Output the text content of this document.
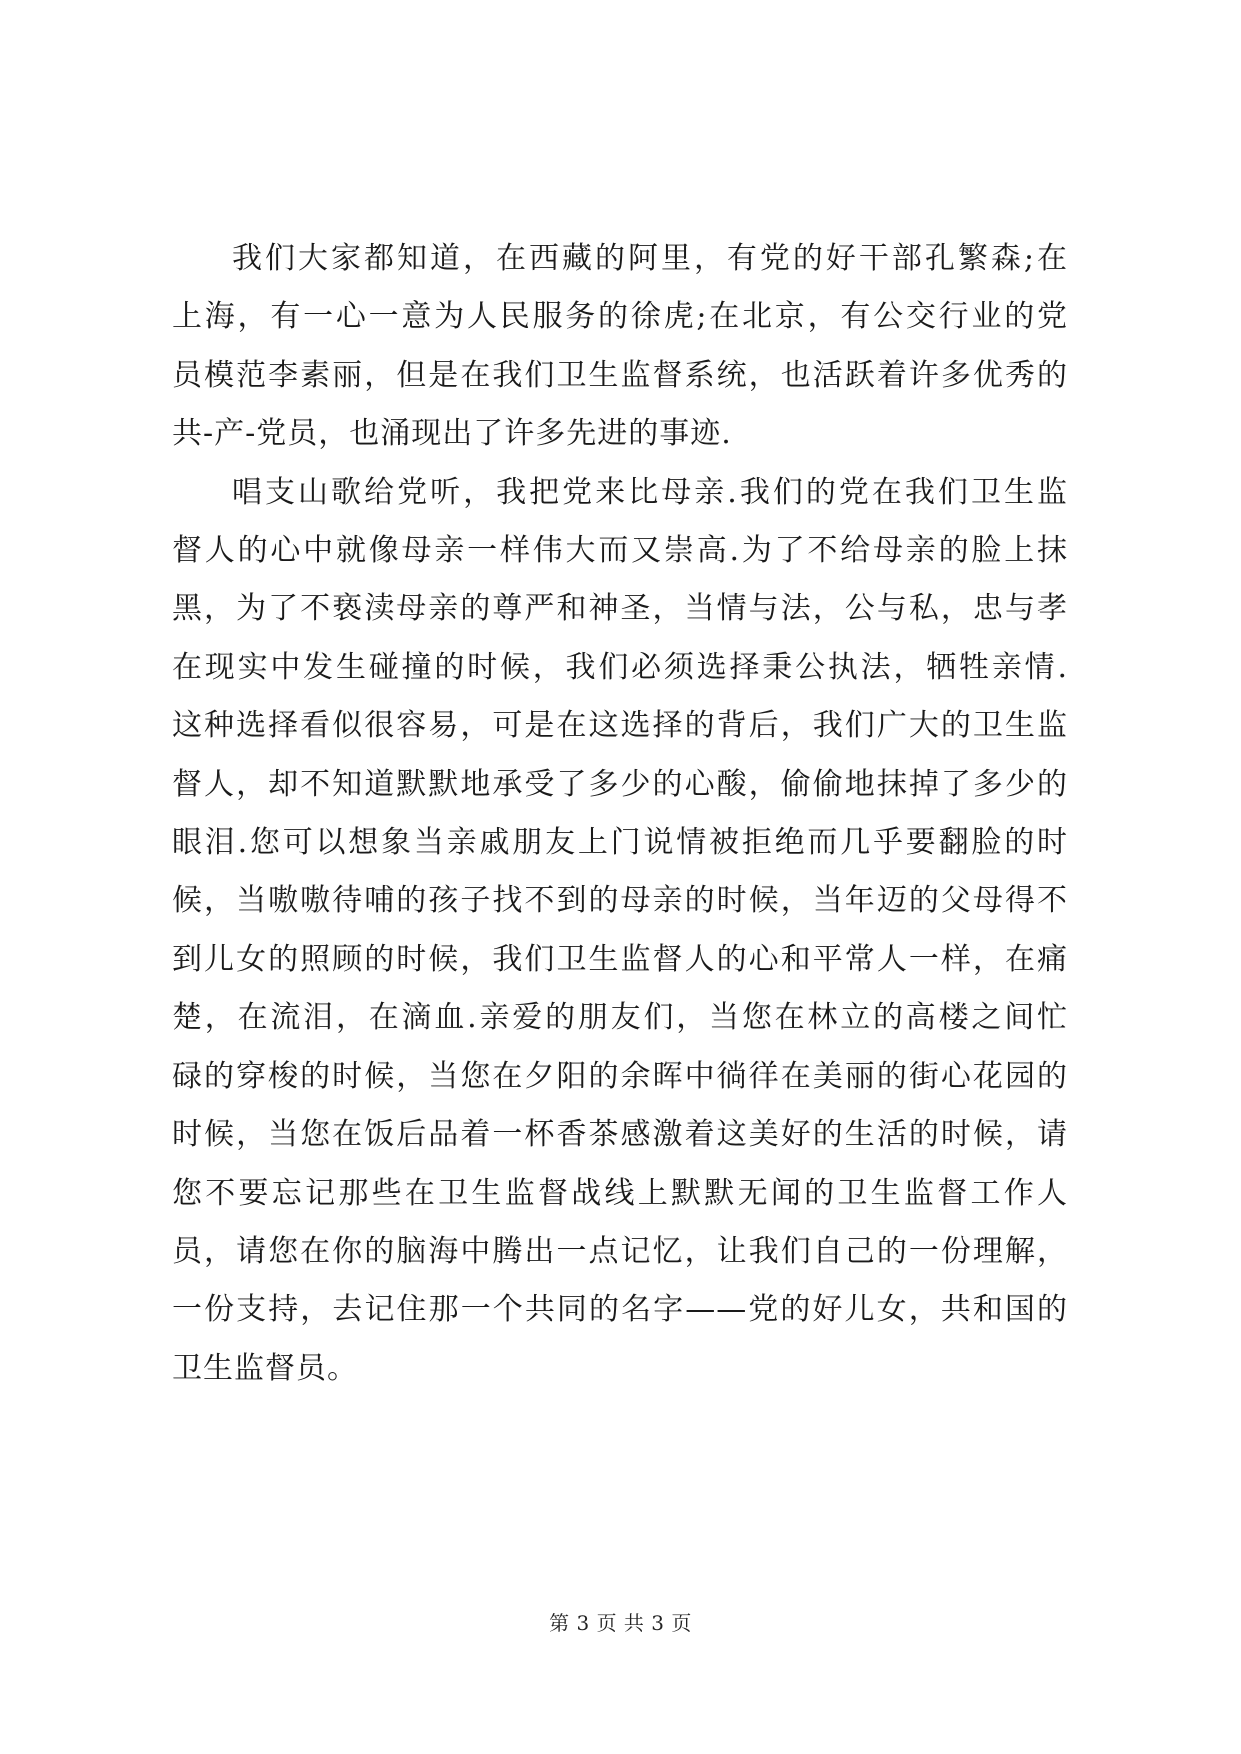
我们大家都知道，在西藏的阿里，有党的好干部孔繁森;在
上海，有一心一意为人民服务的徐虎;在北京，有公交行业的党
员模范李素丽，但是在我们卫生监督系统，也活跃着许多优秀的
共-产-党员，也涌现出了许多先进的事迹.

唱支山歌给党听，我把党来比母亲.我们的党在我们卫生监
督人的心中就像母亲一样伟大而又崇高.为了不给母亲的脸上抹
黑，为了不亵渎母亲的尊严和神圣，当情与法，公与私，忠与孝
在现实中发生碰撞的时候，我们必须选择秉公执法，牺牲亲情.
这种选择看似很容易，可是在这选择的背后，我们广大的卫生监
督人，却不知道默默地承受了多少的心酸，偷偷地抹掉了多少的
眼泪.您可以想象当亲戚朋友上门说情被拒绝而几乎要翻脸的时
候，当嗷嗷待哺的孩子找不到的母亲的时候，当年迈的父母得不
到儿女的照顾的时候，我们卫生监督人的心和平常人一样，在痛
楚，在流泪，在滴血.亲爱的朋友们，当您在林立的高楼之间忙
碌的穿梭的时候，当您在夕阳的余晖中徜徉在美丽的街心花园的
时候，当您在饭后品着一杯香茶感激着这美好的生活的时候，请
您不要忘记那些在卫生监督战线上默默无闻的卫生监督工作人
员，请您在你的脑海中腾出一点记忆，让我们自己的一份理解，
一份支持，去记住那一个共同的名字——党的好儿女，共和国的
卫生监督员。

第 3 页 共 3 页
